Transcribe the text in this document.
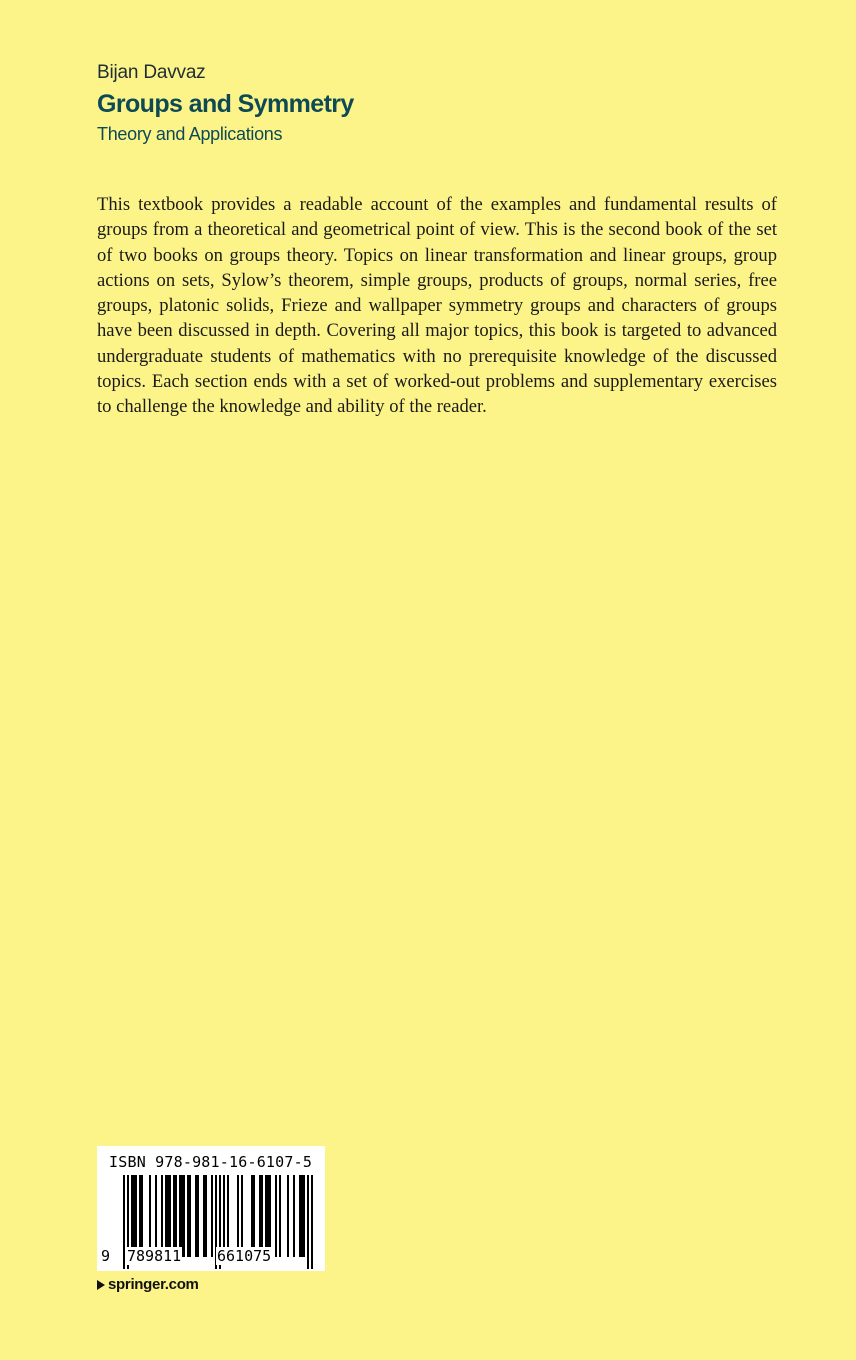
Bijan Davvaz
Groups and Symmetry
Theory and Applications

This textbook provides a readable account of the examples and fundamental results of groups from a theoretical and geometrical point of view. This is the second book of the set of two books on groups theory. Topics on linear transformation and linear groups, group actions on sets, Sylow’s theorem, simple groups, products of groups, normal series, free groups, platonic solids, Frieze and wallpaper symmetry groups and characters of groups have been discussed in depth. Covering all major topics, this book is targeted to advanced undergraduate students of mathematics with no prerequisite knowledge of the discussed topics. Each section ends with a set of worked-out problems and supplementary exercises to challenge the knowledge and ability of the reader.

ISBN 978-981-16-6107-5
9 789811 661075
springer.com
